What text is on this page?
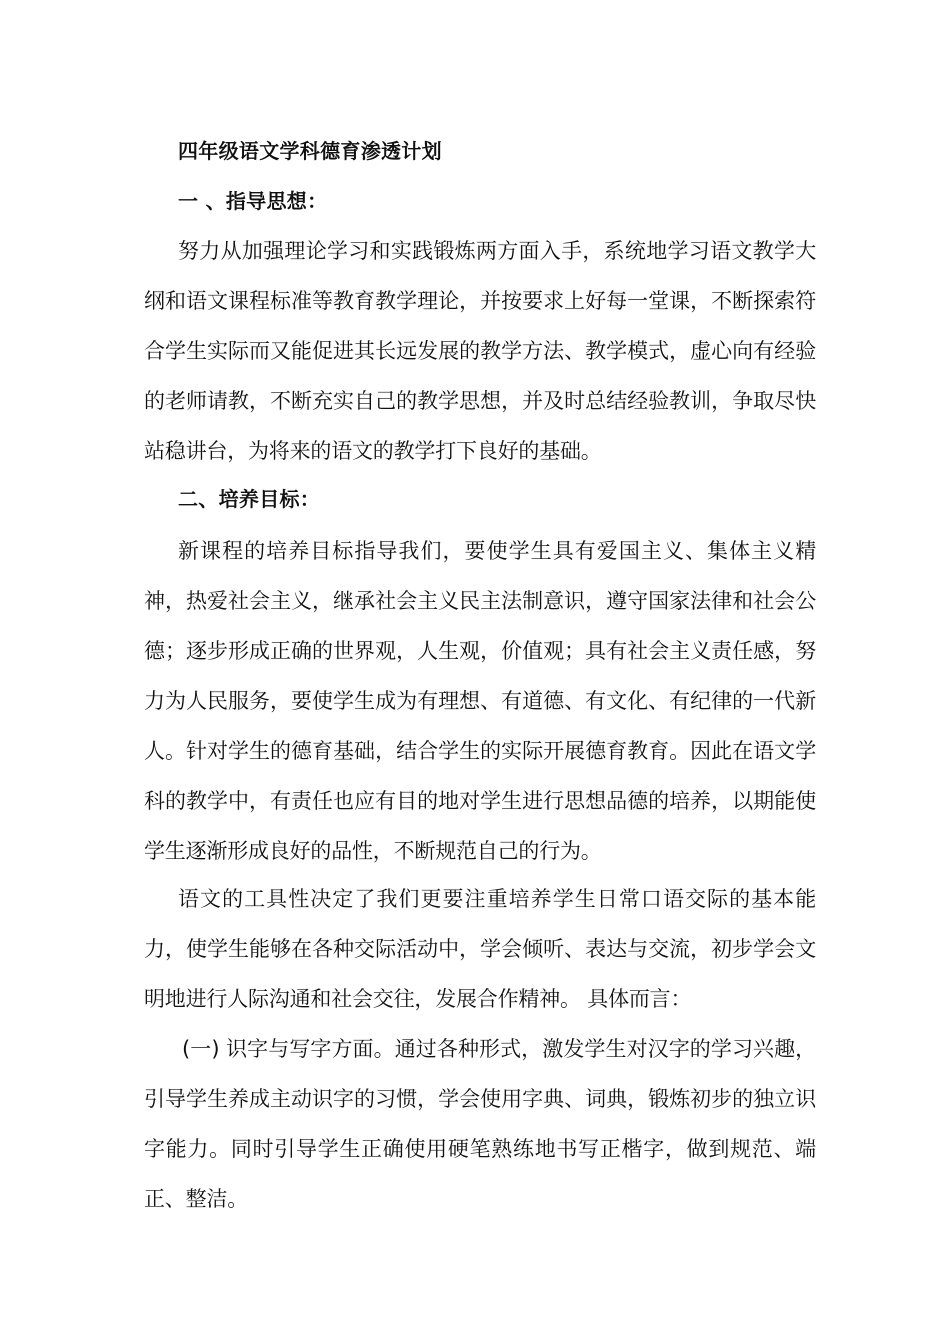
四年级语文学科德育渗透计划
一 、指导思想：

努力从加强理论学习和实践锻炼两方面入手，系统地学习语文教学大纲和语文课程标准等教育教学理论，并按要求上好每一堂课，不断探索符合学生实际而又能促进其长远发展的教学方法、教学模式，虚心向有经验的老师请教，不断充实自己的教学思想，并及时总结经验教训，争取尽快站稳讲台，为将来的语文的教学打下良好的基础。

二、培养目标：

新课程的培养目标指导我们，要使学生具有爱国主义、集体主义精神，热爱社会主义，继承社会主义民主法制意识，遵守国家法律和社会公德；逐步形成正确的世界观，人生观，价值观；具有社会主义责任感，努力为人民服务，要使学生成为有理想、有道德、有文化、有纪律的一代新人。针对学生的德育基础，结合学生的实际开展德育教育。因此在语文学科的教学中，有责任也应有目的地对学生进行思想品德的培养，以期能使学生逐渐形成良好的品性，不断规范自己的行为。

语文的工具性决定了我们更要注重培养学生日常口语交际的基本能力，使学生能够在各种交际活动中，学会倾听、表达与交流，初步学会文明地进行人际沟通和社会交往，发展合作精神。 具体而言：

(一) 识字与写字方面。通过各种形式，激发学生对汉字的学习兴趣，引导学生养成主动识字的习惯，学会使用字典、词典，锻炼初步的独立识字能力。同时引导学生正确使用硬笔熟练地书写正楷字，做到规范、端正、整洁。
